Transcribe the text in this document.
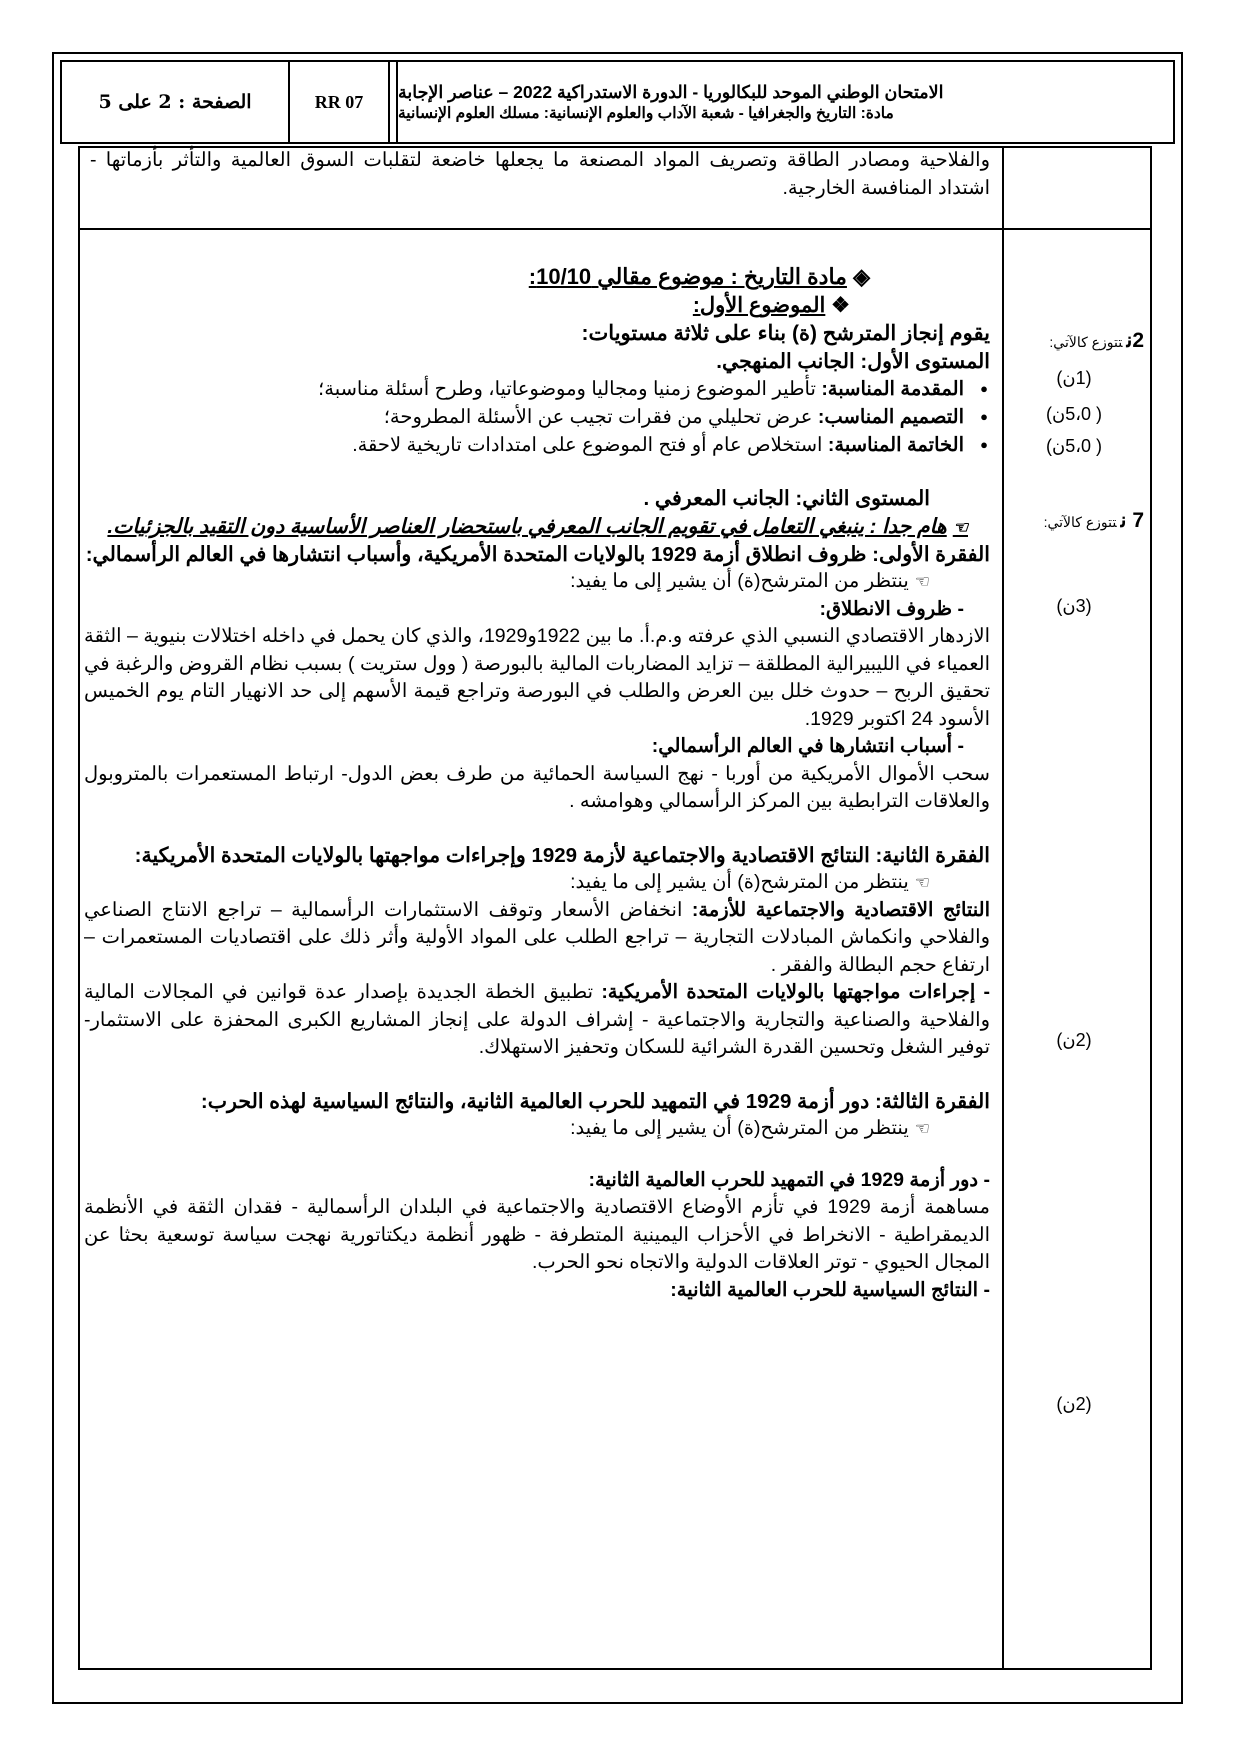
الصفحة : 2 على 5	RR 07	الامتحان الوطني الموحد للبكالوريا - الدورة الاستدراكية 2022 – عناصر الإجابة
مادة: التاريخ والجغرافيا - شعبة الآداب والعلوم الإنسانية: مسلك العلوم الإنسانية
والفلاحية ومصادر الطاقة وتصريف المواد المصنعة ما يجعلها خاضعة لتقلبات السوق العالمية والتأثر بأزماتها - اشتداد المنافسة الخارجية.

◈ مادة التاريخ : موضوع مقالي 10/10:

❖ الموضوع الأول:

يقوم إنجاز المترشح (ة) بناء على ثلاثة مستويات:

المستوى الأول: الجانب المنهجي.

● المقدمة المناسبة: تأطير الموضوع زمنيا ومجاليا وموضوعاتيا، وطرح أسئلة مناسبة؛
● التصميم المناسب: عرض تحليلي من فقرات تجيب عن الأسئلة المطروحة؛
● الخاتمة المناسبة: استخلاص عام أو فتح الموضوع على امتدادات تاريخية لاحقة.

المستوى الثاني: الجانب المعرفي .

☜هام جدا : ينبغي التعامل في تقويم الجانب المعرفي باستحضار العناصر الأساسية دون التقيد بالجزئيات.

الفقرة الأولى: ظروف انطلاق أزمة 1929 بالولايات المتحدة الأمريكية، وأسباب انتشارها في العالم الرأسمالي:

☜ينتظر من المترشح(ة) أن يشير إلى ما يفيد:

- ظروف الانطلاق:

الازدهار الاقتصادي النسبي الذي عرفته و.م.أ. ما بين 1922و1929، والذي كان يحمل في داخله اختلالات بنيوية – الثقة العمياء في الليبيرالية المطلقة – تزايد المضاربات المالية بالبورصة ( وول ستريت ) بسبب نظام القروض والرغبة في تحقيق الربح – حدوث خلل بين العرض والطلب في البورصة وتراجع قيمة الأسهم إلى حد الانهيار التام يوم الخميس الأسود 24 اكتوبر 1929.

- أسباب انتشارها في العالم الرأسمالي:

سحب الأموال الأمريكية من أوربا - نهج السياسة الحمائية من طرف بعض الدول- ارتباط المستعمرات بالمتروبول والعلاقات الترابطية بين المركز الرأسمالي وهوامشه .

الفقرة الثانية: النتائج الاقتصادية والاجتماعية لأزمة 1929 وإجراءات مواجهتها بالولايات المتحدة الأمريكية:

☜ينتظر من المترشح(ة) أن يشير إلى ما يفيد:

النتائج الاقتصادية والاجتماعية للأزمة: انخفاض الأسعار وتوقف الاستثمارات الرأسمالية – تراجع الانتاج الصناعي والفلاحي وانكماش المبادلات التجارية – تراجع الطلب على المواد الأولية وأثر ذلك على اقتصاديات المستعمرات – ارتفاع حجم البطالة والفقر .

- إجراءات مواجهتها بالولايات المتحدة الأمريكية: تطبيق الخطة الجديدة بإصدار عدة قوانين في المجالات المالية والفلاحية والصناعية والتجارية والاجتماعية - إشراف الدولة على إنجاز المشاريع الكبرى المحفزة على الاستثمار- توفير الشغل وتحسين القدرة الشرائية للسكان وتحفيز الاستهلاك.

الفقرة الثالثة: دور أزمة 1929 في التمهيد للحرب العالمية الثانية، والنتائج السياسية لهذه الحرب:

☜ينتظر من المترشح(ة) أن يشير إلى ما يفيد:

- دور أزمة 1929 في التمهيد للحرب العالمية الثانية:

مساهمة أزمة 1929 في تأزم الأوضاع الاقتصادية والاجتماعية في البلدان الرأسمالية - فقدان الثقة في الأنظمة الديمقراطية - الانخراط في الأحزاب اليمينية المتطرفة - ظهور أنظمة ديكتاتورية نهجت سياسة توسعية بحثا عن المجال الحيوي - توتر العلاقات الدولية والاتجاه نحو الحرب.

- النتائج السياسية للحرب العالمية الثانية:

2نتتوزع كالآتي:
(1ن)
( 5،0ن)
( 5،0ن)
7 نتتوزع كالآتي:
(3ن)
(2ن)
(2ن)
